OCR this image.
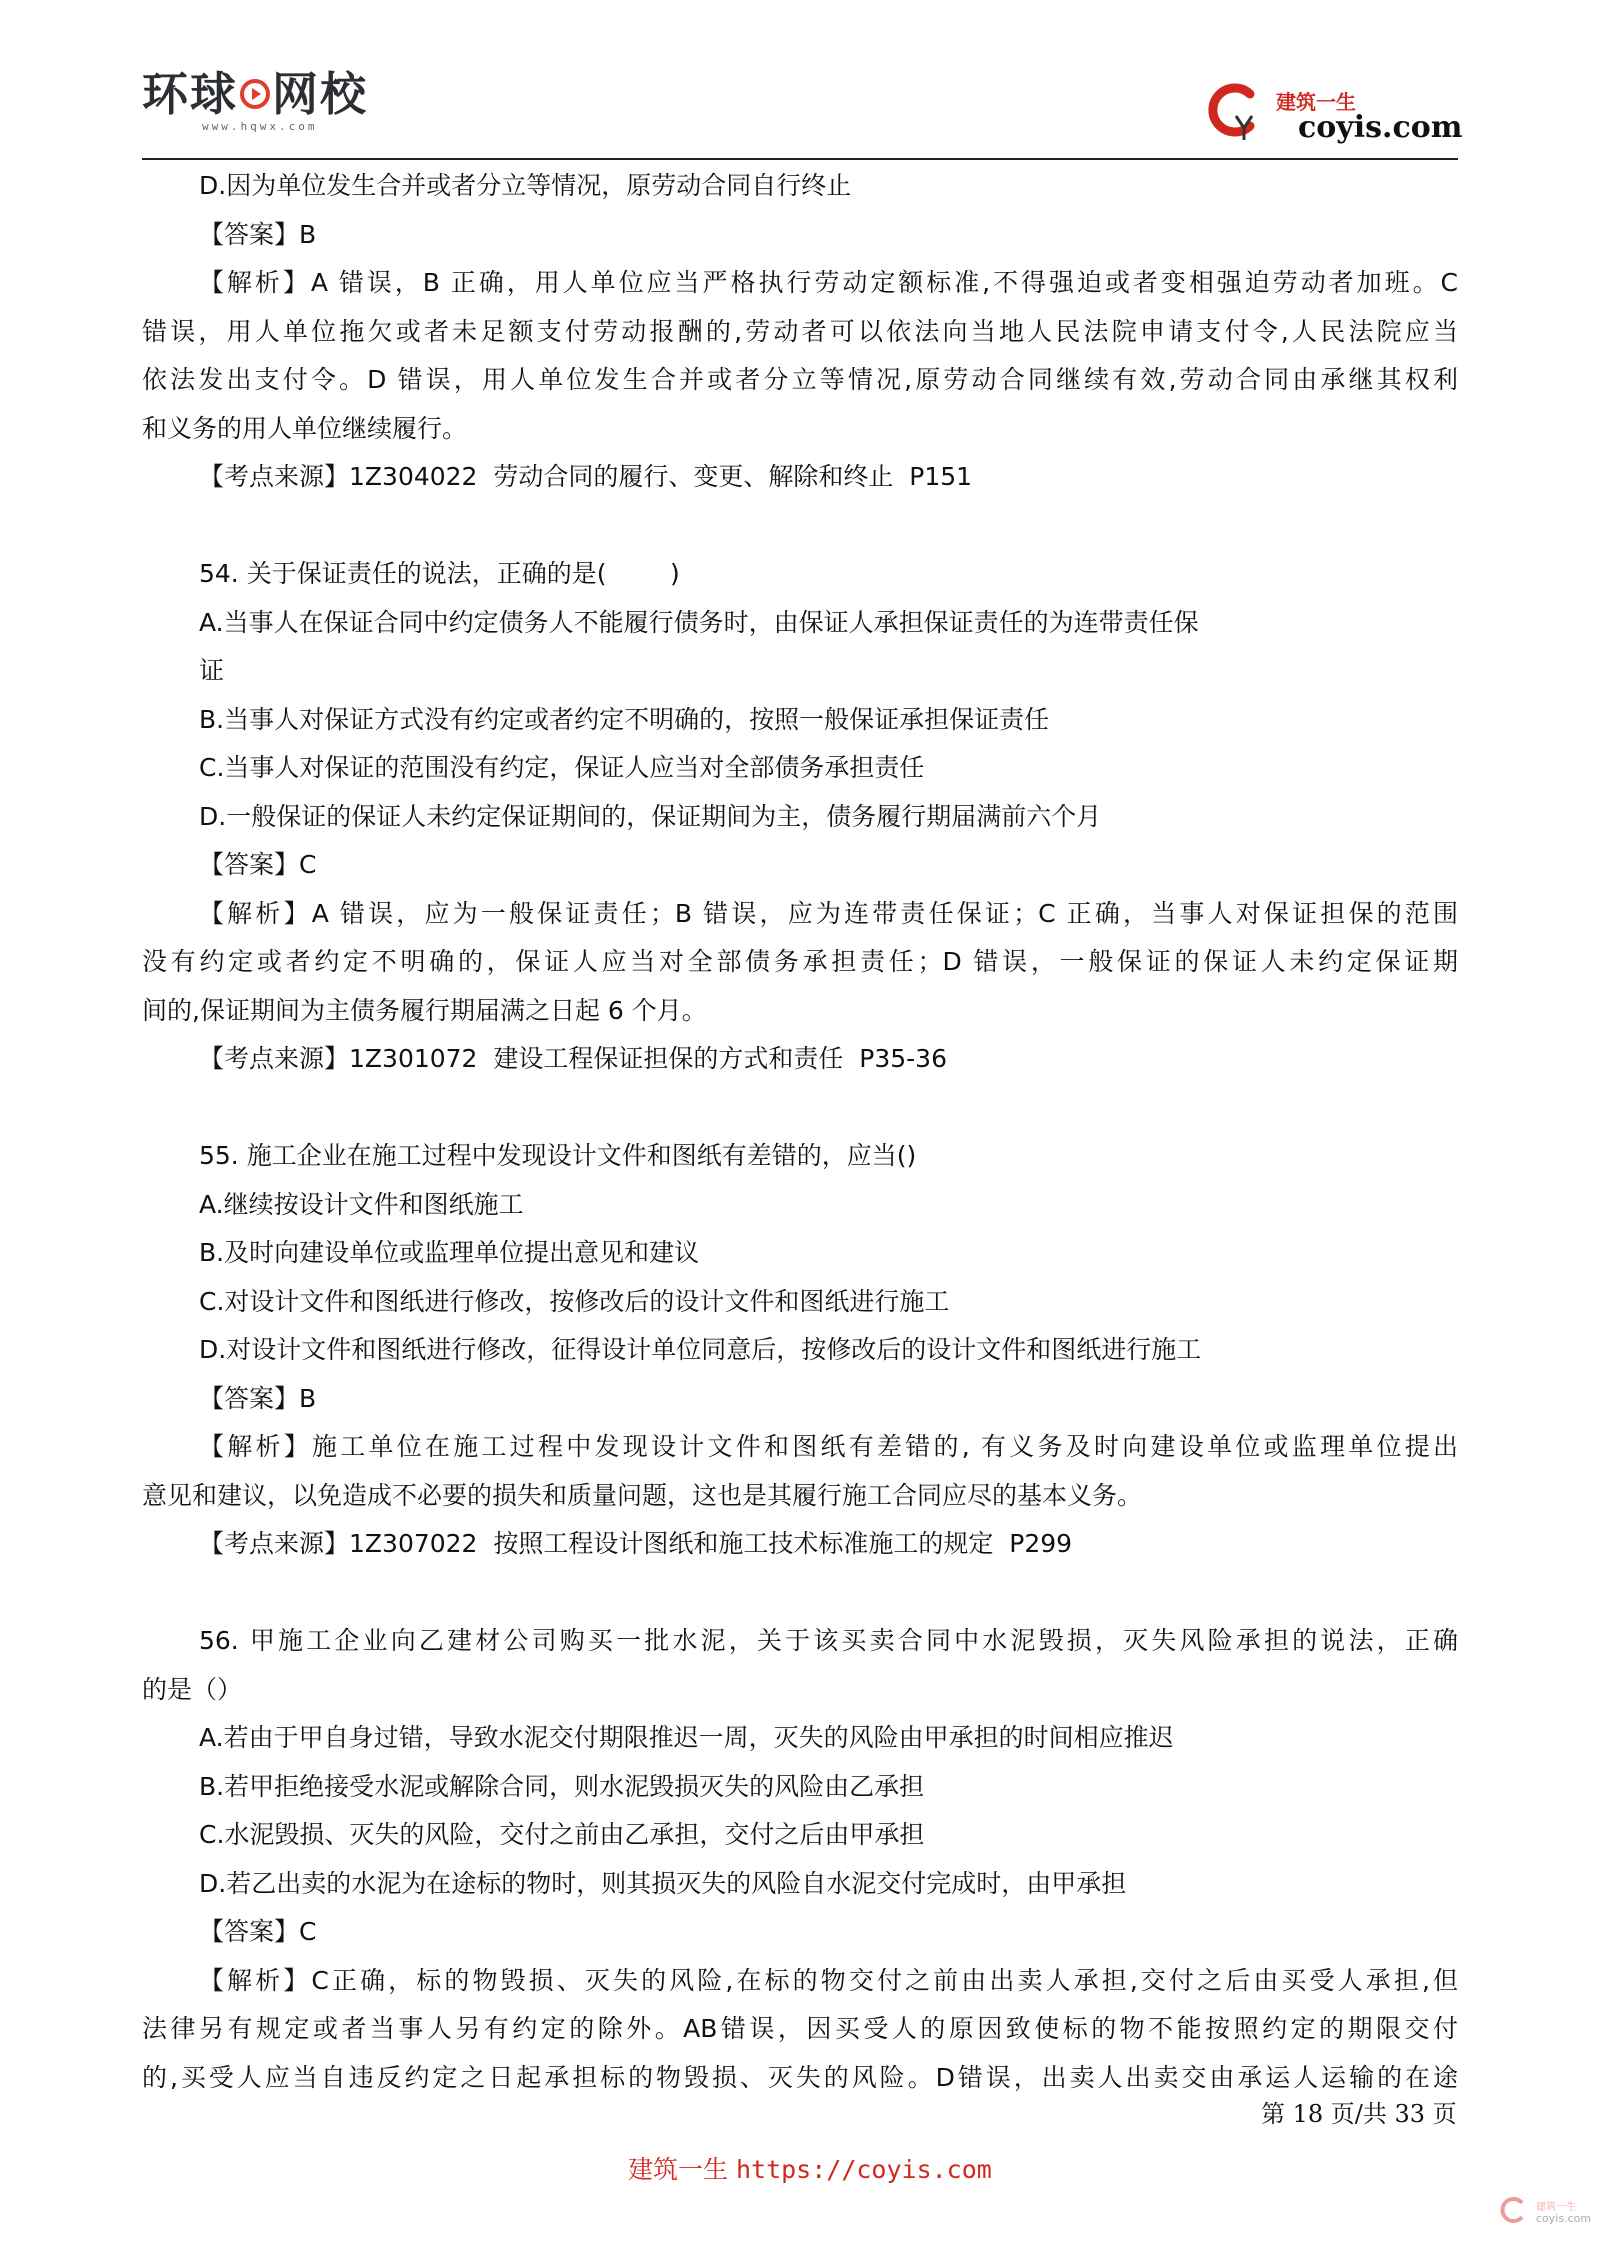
环球 网校
www.hqwx.com
建筑一生
coyis.com
D.因为单位发生合并或者分立等情况，原劳动合同自行终止
【答案】B
【解析】A 错误，B 正确，用人单位应当严格执行劳动定额标准,不得强迫或者变相强迫劳动者加班。C
错误，用人单位拖欠或者未足额支付劳动报酬的,劳动者可以依法向当地人民法院申请支付令,人民法院应当
依法发出支付令。D 错误，用人单位发生合并或者分立等情况,原劳动合同继续有效,劳动合同由承继其权利
和义务的用人单位继续履行。
【考点来源】1Z304022  劳动合同的履行、变更、解除和终止  P151
54. 关于保证责任的说法，正确的是(        )
A.当事人在保证合同中约定债务人不能履行债务时，由保证人承担保证责任的为连带责任保
证
B.当事人对保证方式没有约定或者约定不明确的，按照一般保证承担保证责任
C.当事人对保证的范围没有约定，保证人应当对全部债务承担责任
D.一般保证的保证人未约定保证期间的，保证期间为主，债务履行期届满前六个月
【答案】C
【解析】A 错误，应为一般保证责任；B 错误，应为连带责任保证；C 正确，当事人对保证担保的范围
没有约定或者约定不明确的，保证人应当对全部债务承担责任；D 错误，一般保证的保证人未约定保证期
间的,保证期间为主债务履行期届满之日起 6 个月。
【考点来源】1Z301072  建设工程保证担保的方式和责任  P35-36
55. 施工企业在施工过程中发现设计文件和图纸有差错的，应当()
A.继续按设计文件和图纸施工
B.及时向建设单位或监理单位提出意见和建议
C.对设计文件和图纸进行修改，按修改后的设计文件和图纸进行施工
D.对设计文件和图纸进行修改，征得设计单位同意后，按修改后的设计文件和图纸进行施工
【答案】B
【解析】施工单位在施工过程中发现设计文件和图纸有差错的, 有义务及时向建设单位或监理单位提出
意见和建议，以免造成不必要的损失和质量问题，这也是其履行施工合同应尽的基本义务。
【考点来源】1Z307022  按照工程设计图纸和施工技术标准施工的规定  P299
56. 甲施工企业向乙建材公司购买一批水泥，关于该买卖合同中水泥毁损，灭失风险承担的说法，正确
的是（）
A.若由于甲自身过错，导致水泥交付期限推迟一周，灭失的风险由甲承担的时间相应推迟
B.若甲拒绝接受水泥或解除合同，则水泥毁损灭失的风险由乙承担
C.水泥毁损、灭失的风险，交付之前由乙承担，交付之后由甲承担
D.若乙出卖的水泥为在途标的物时，则其损灭失的风险自水泥交付完成时，由甲承担
【答案】C
【解析】C正确，标的物毁损、灭失的风险,在标的物交付之前由出卖人承担,交付之后由买受人承担,但
法律另有规定或者当事人另有约定的除外。AB错误，因买受人的原因致使标的物不能按照约定的期限交付
的,买受人应当自违反约定之日起承担标的物毁损、灭失的风险。D错误，出卖人出卖交由承运人运输的在途
第 18 页/共 33 页
建筑一生 https://coyis.com
建筑一生
coyis.com
